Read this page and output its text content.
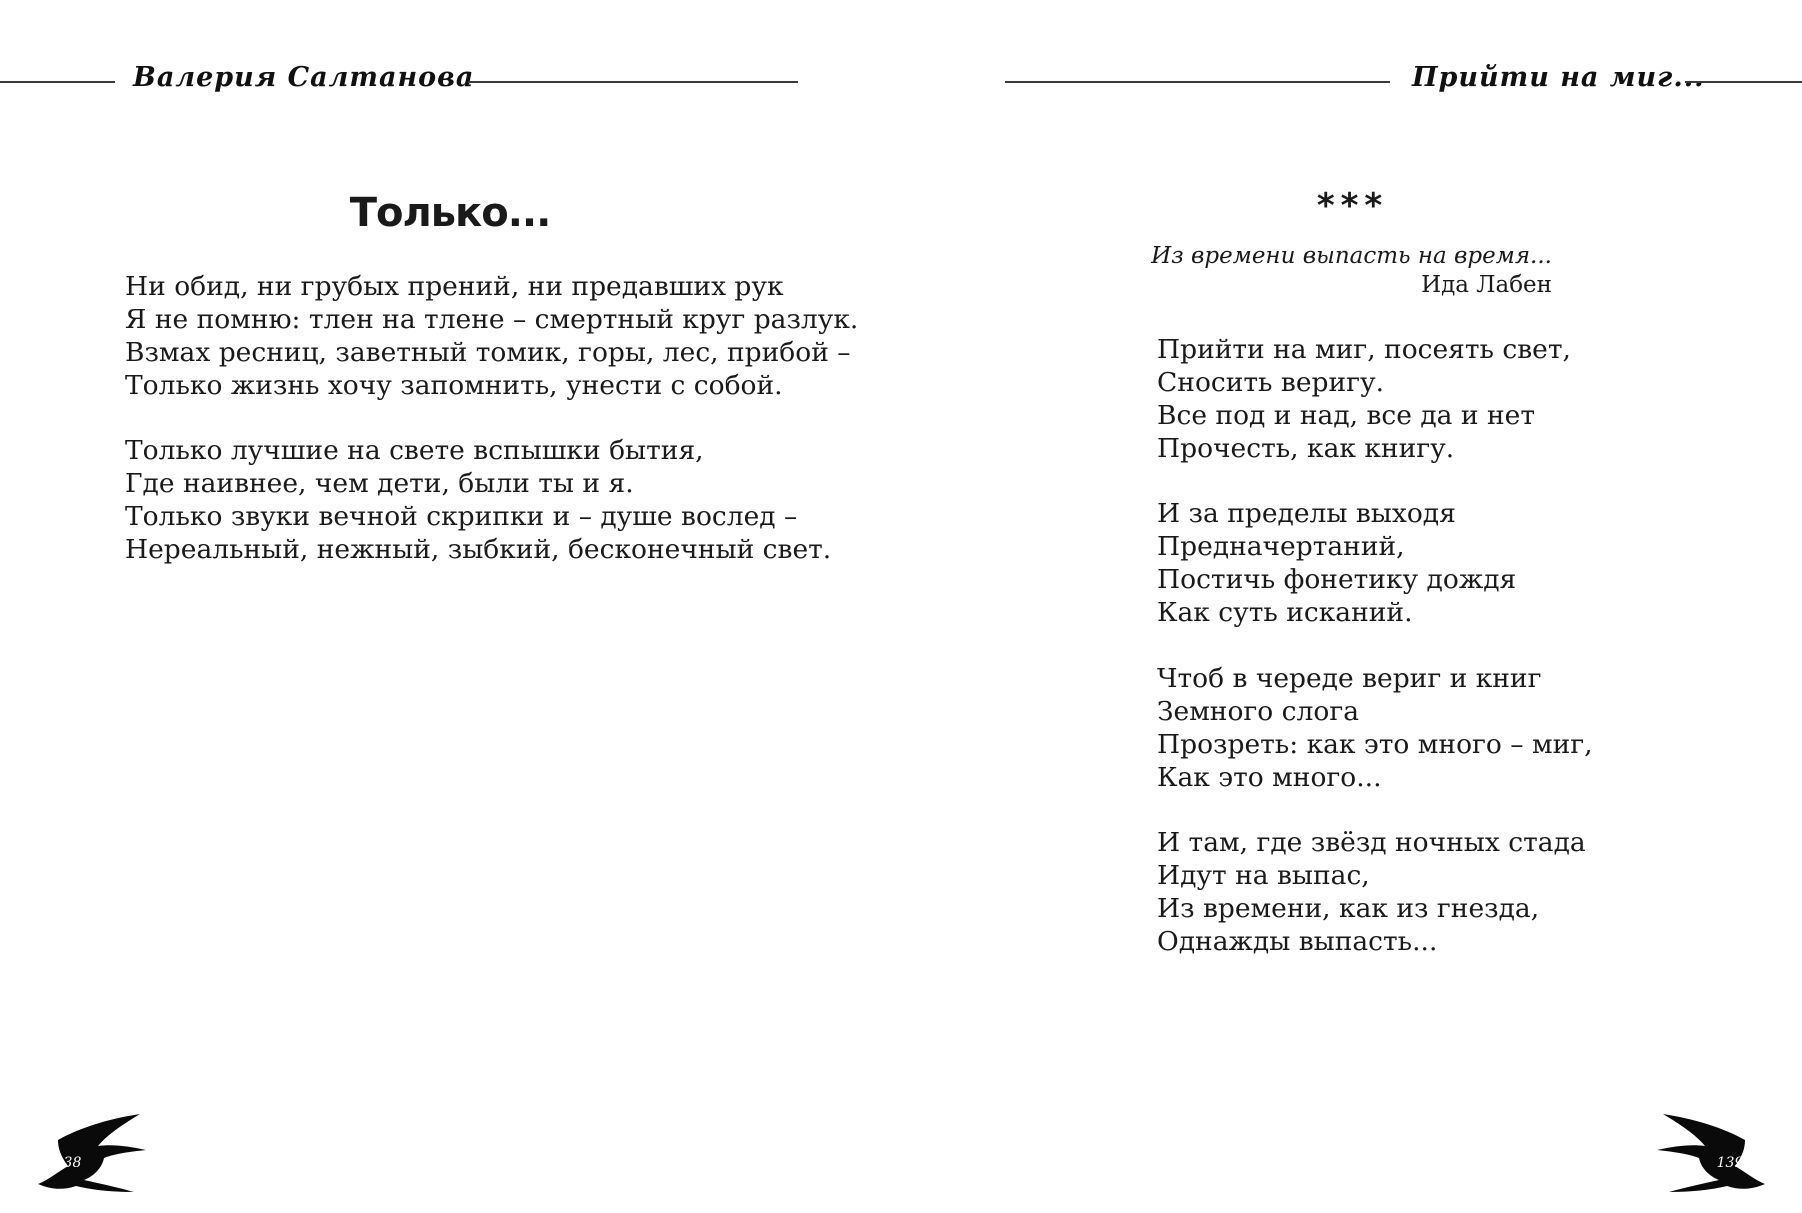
Валерия Салтанова	Прийти на миг...
Только...
Ни обид, ни грубых прений, ни предавших рук
Я не помню: тлен на тлене – смертный круг разлук.
Взмах ресниц, заветный томик, горы, лес, прибой –
Только жизнь хочу запомнить, унести с собой.
Только лучшие на свете вспышки бытия,
Где наивнее, чем дети, были ты и я.
Только звуки вечной скрипки и – душе вослед –
Нереальный, нежный, зыбкий, бесконечный свет.
***
Из времени выпасть на время...
Ида Лабен
Прийти на миг, посеять свет,
Сносить веригу.
Все под и над, все да и нет
Прочесть, как книгу.
И за пределы выходя
Предначертаний,
Постичь фонетику дождя
Как суть исканий.
Чтоб в череде вериг и книг
Земного слога
Прозреть: как это много – миг,
Как это много...
И там, где звёзд ночных стада
Идут на выпас,
Из времени, как из гнезда,
Однажды выпасть...
138	139
